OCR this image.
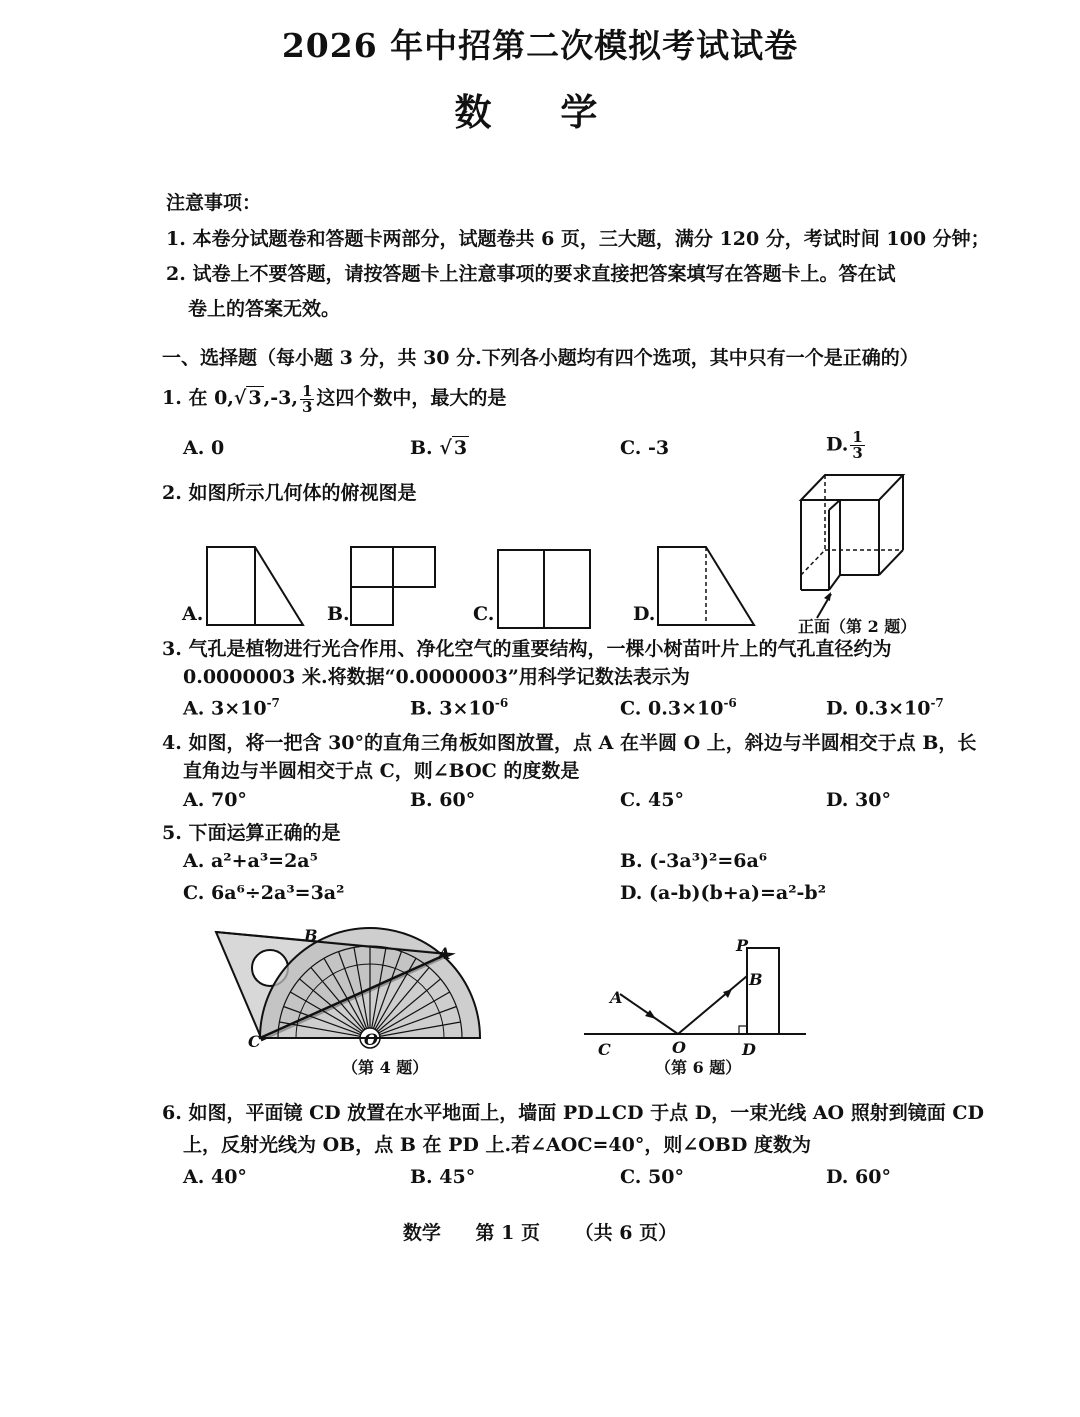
2026 年中招第二次模拟考试试卷
数 学
注意事项：
1. 本卷分试题卷和答题卡两部分，试题卷共 6 页，三大题，满分 120 分，考试时间 100 分钟；
2. 试卷上不要答题，请按答题卡上注意事项的要求直接把答案填写在答题卡上。答在试
卷上的答案无效。
一、选择题（每小题 3 分，共 30 分.下列各小题均有四个选项，其中只有一个是正确的）
1. 在 0,√ 3 ,-3, $\frac{1}{3}$ 这四个数中，最大的是
A. 0	B. √ 3	C. -3	D. $\frac{1}{3}$
2. 如图所示几何体的俯视图是
A.	B.	C.	D.
正面（第 2 题）
3. 气孔是植物进行光合作用、净化空气的重要结构，一棵小树苗叶片上的气孔直径约为
0.0000003 米.将数据“0.0000003”用科学记数法表示为
A. $3\times 10^{-7}$	B. $3\times 10^{-6}$	C. $0.3\times 10^{-6}$	D. $0.3\times 10^{-7}$
4. 如图，将一把含 30°的直角三角板如图放置，点 A 在半圆 O 上，斜边与半圆相交于点 B，长
直角边与半圆相交于点 C，则∠BOC 的度数是
A. 70°	B. 60°	C. 45°	D. 30°
5. 下面运算正确的是
A. a²+a³=2a⁵	B. (-3a³)²=6a⁶
C. 6a⁶÷2a³=3a²	D. (a-b)(b+a)=a²-b²
C	O
B
A
（第 4 题）
P
B
A
C	O	D
（第 6 题）
6. 如图，平面镜 CD 放置在水平地面上，墙面 PD⊥CD 于点 D，一束光线 AO 照射到镜面 CD
上，反射光线为 OB，点 B 在 PD 上.若∠AOC=40°，则∠OBD 度数为
A. 40°	B. 45°	C. 50°	D. 60°
数学 第 1 页 （共 6 页）
